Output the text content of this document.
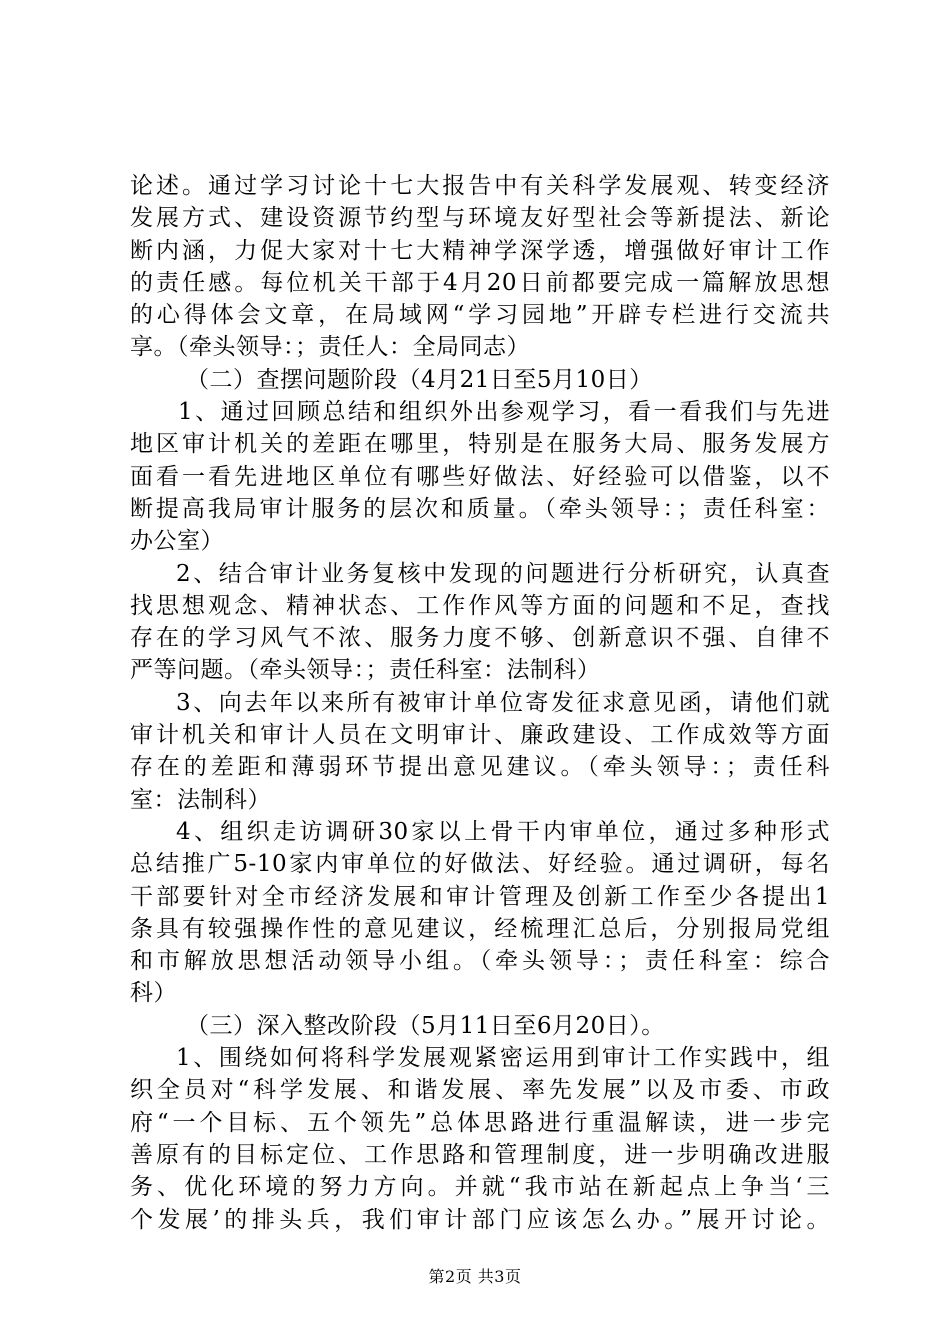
论述。通过学习讨论十七大报告中有关科学发展观、转变经济
发展方式、建设资源节约型与环境友好型社会等新提法、新论
断内涵，力促大家对十七大精神学深学透，增强做好审计工作
的责任感。每位机关干部于4月20日前都要完成一篇解放思想
的心得体会文章，在局域网“学习园地”开辟专栏进行交流共
享。（牵头领导：；责任人：全局同志）
（二）查摆问题阶段（4月21日至5月10日）
1、通过回顾总结和组织外出参观学习，看一看我们与先进
地区审计机关的差距在哪里，特别是在服务大局、服务发展方
面看一看先进地区单位有哪些好做法、好经验可以借鉴，以不
断提高我局审计服务的层次和质量。（牵头领导：；责任科室：
办公室）
2、结合审计业务复核中发现的问题进行分析研究，认真查
找思想观念、精神状态、工作作风等方面的问题和不足，查找
存在的学习风气不浓、服务力度不够、创新意识不强、自律不
严等问题。（牵头领导：；责任科室：法制科）
3、向去年以来所有被审计单位寄发征求意见函，请他们就
审计机关和审计人员在文明审计、廉政建设、工作成效等方面
存在的差距和薄弱环节提出意见建议。（牵头领导：；责任科
室：法制科）
4、组织走访调研30家以上骨干内审单位，通过多种形式
总结推广5-10家内审单位的好做法、好经验。通过调研，每名
干部要针对全市经济发展和审计管理及创新工作至少各提出1
条具有较强操作性的意见建议，经梳理汇总后，分别报局党组
和市解放思想活动领导小组。（牵头领导：；责任科室：综合
科）
（三）深入整改阶段（5月11日至6月20日）。
1、围绕如何将科学发展观紧密运用到审计工作实践中，组
织全员对“科学发展、和谐发展、率先发展”以及市委、市政
府“一个目标、五个领先”总体思路进行重温解读，进一步完
善原有的目标定位、工作思路和管理制度，进一步明确改进服
务、优化环境的努力方向。并就“我市站在新起点上争当‘三
个发展’的排头兵，我们审计部门应该怎么办。”展开讨论。
第2页 共3页
